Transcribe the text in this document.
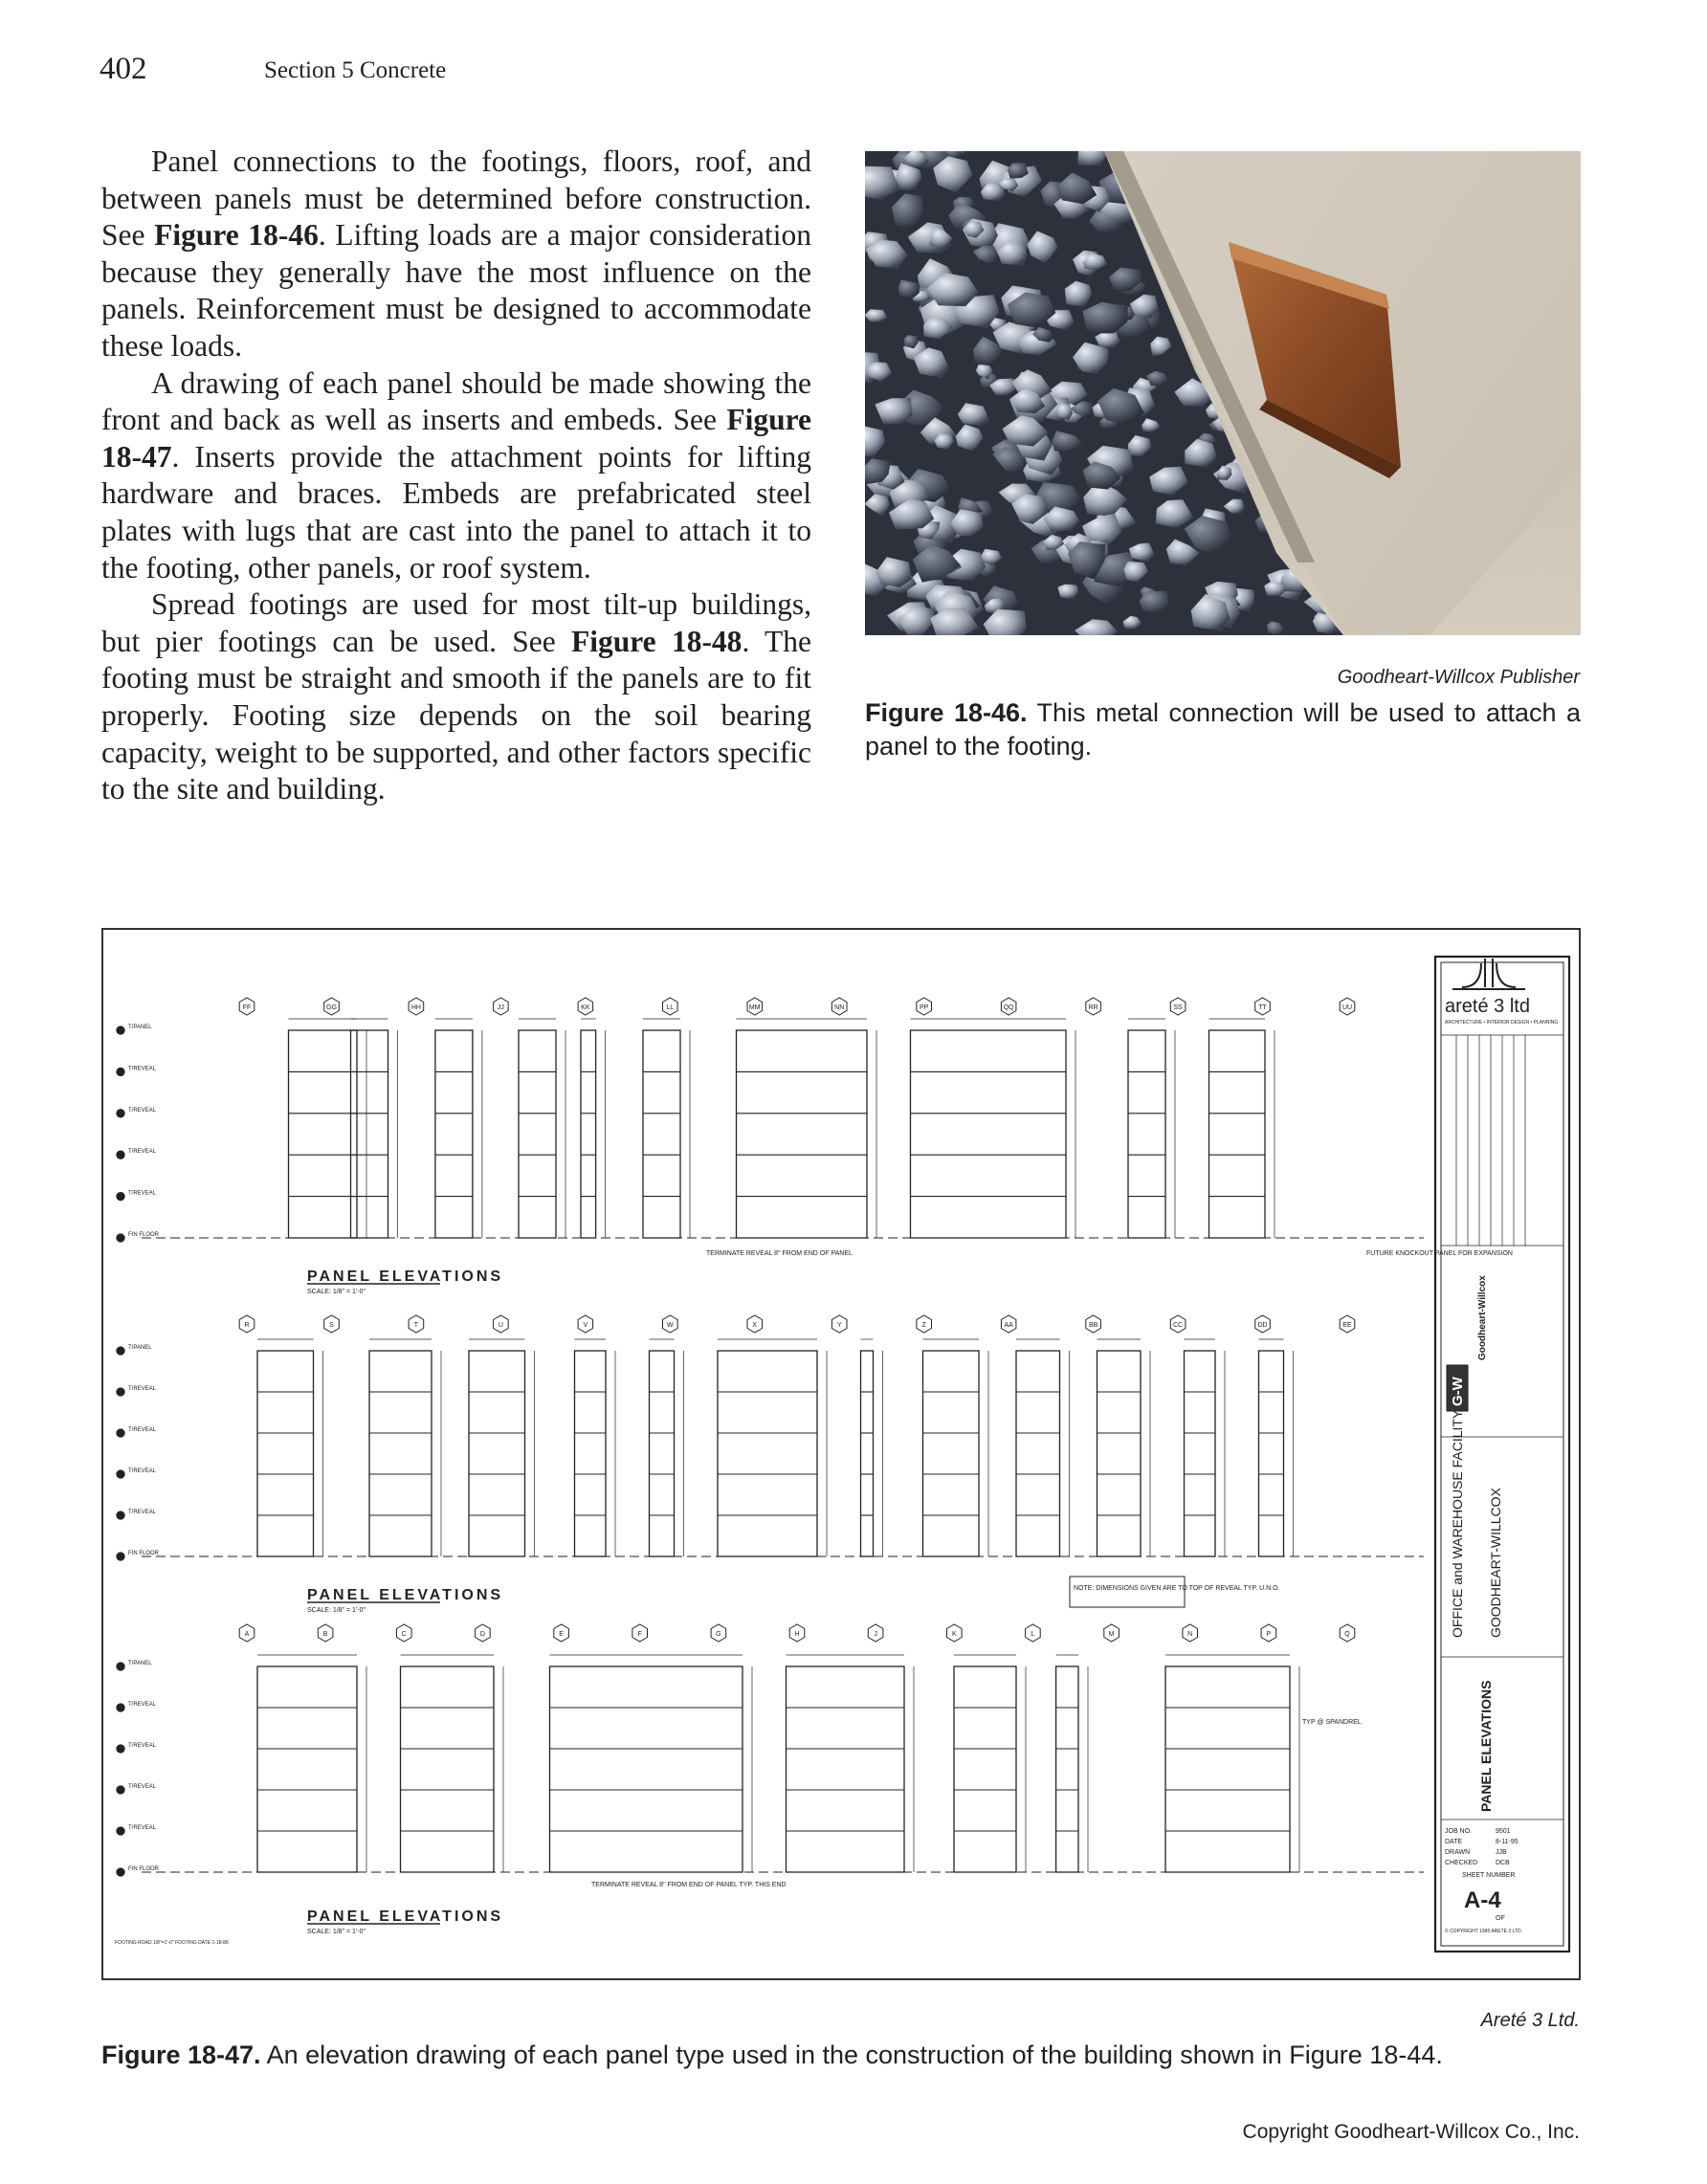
402	Section 5 Concrete

Panel connections to the footings, floors, roof, and between panels must be determined before construction. See Figure 18-46. Lifting loads are a major consideration because they generally have the most influence on the panels. Reinforcement must be designed to accommodate these loads.

A drawing of each panel should be made showing the front and back as well as inserts and embeds. See Figure 18-47. Inserts provide the attachment points for lifting hardware and braces. Embeds are prefabricated steel plates with lugs that are cast into the panel to attach it to the footing, other panels, or roof system.

Spread footings are used for most tilt-up buildings, but pier footings can be used. See Figure 18-48. The footing must be straight and smooth if the panels are to fit properly. Footing size depends on the soil bearing capacity, weight to be supported, and other factors specific to the site and building.

Goodheart-Willcox Publisher
Figure 18-46. This metal connection will be used to attach a panel to the footing.
T/PANEL
T/REVEAL
T/REVEAL
T/REVEAL
T/REVEAL
FIN FLOOR
FF	GG	HH	JJ	KK	LL	MM	NN	PP	QQ	RR	SS	TT	UU
T/PANEL
T/REVEAL
T/REVEAL
T/REVEAL
T/REVEAL
FIN FLOOR
R	S	T	U	V	W	X	Y	Z	AA	BB	CC	DD	EE
T/PANEL
T/REVEAL
T/REVEAL
T/REVEAL
T/REVEAL
FIN FLOOR
A	B	C	D	E	F	G	H	J	K	L	M	N	P	Q
PANEL ELEVATIONS
SCALE: 1/8" = 1'-0"
PANEL ELEVATIONS
SCALE: 1/8" = 1'-0"
PANEL ELEVATIONS
SCALE: 1/8" = 1'-0"
TERMINATE REVEAL 8" FROM END OF PANEL	FUTURE KNOCKOUT PANEL FOR EXPANSION
TERMINATE REVEAL 8" FROM END OF PANEL TYP. THIS END
TYP @ SPANDREL
FOOTING ROAD 1/8"=1'-0" FOOTING DATE 1-18-86
NOTE: DIMENSIONS GIVEN ARE TO TOP OF REVEAL TYP. U.N.O.
areté 3 ltd
ARCHITECTURE • INTERIOR DESIGN • PLANNING
G-W
Goodheart-Willcox
OFFICE and WAREHOUSE FACILITY GOODHEART-WILLCOX
PANEL ELEVATIONS
JOB NO.	9501
DATE	8-11-95
DRAWN	JJB
CHECKED	DCB
SHEET NUMBER
A-4
OF
© COPYRIGHT 1995 ARETÉ 3 LTD.
Areté 3 Ltd.
Figure 18-47. An elevation drawing of each panel type used in the construction of the building shown in Figure 18-44.
Copyright Goodheart-Willcox Co., Inc.
